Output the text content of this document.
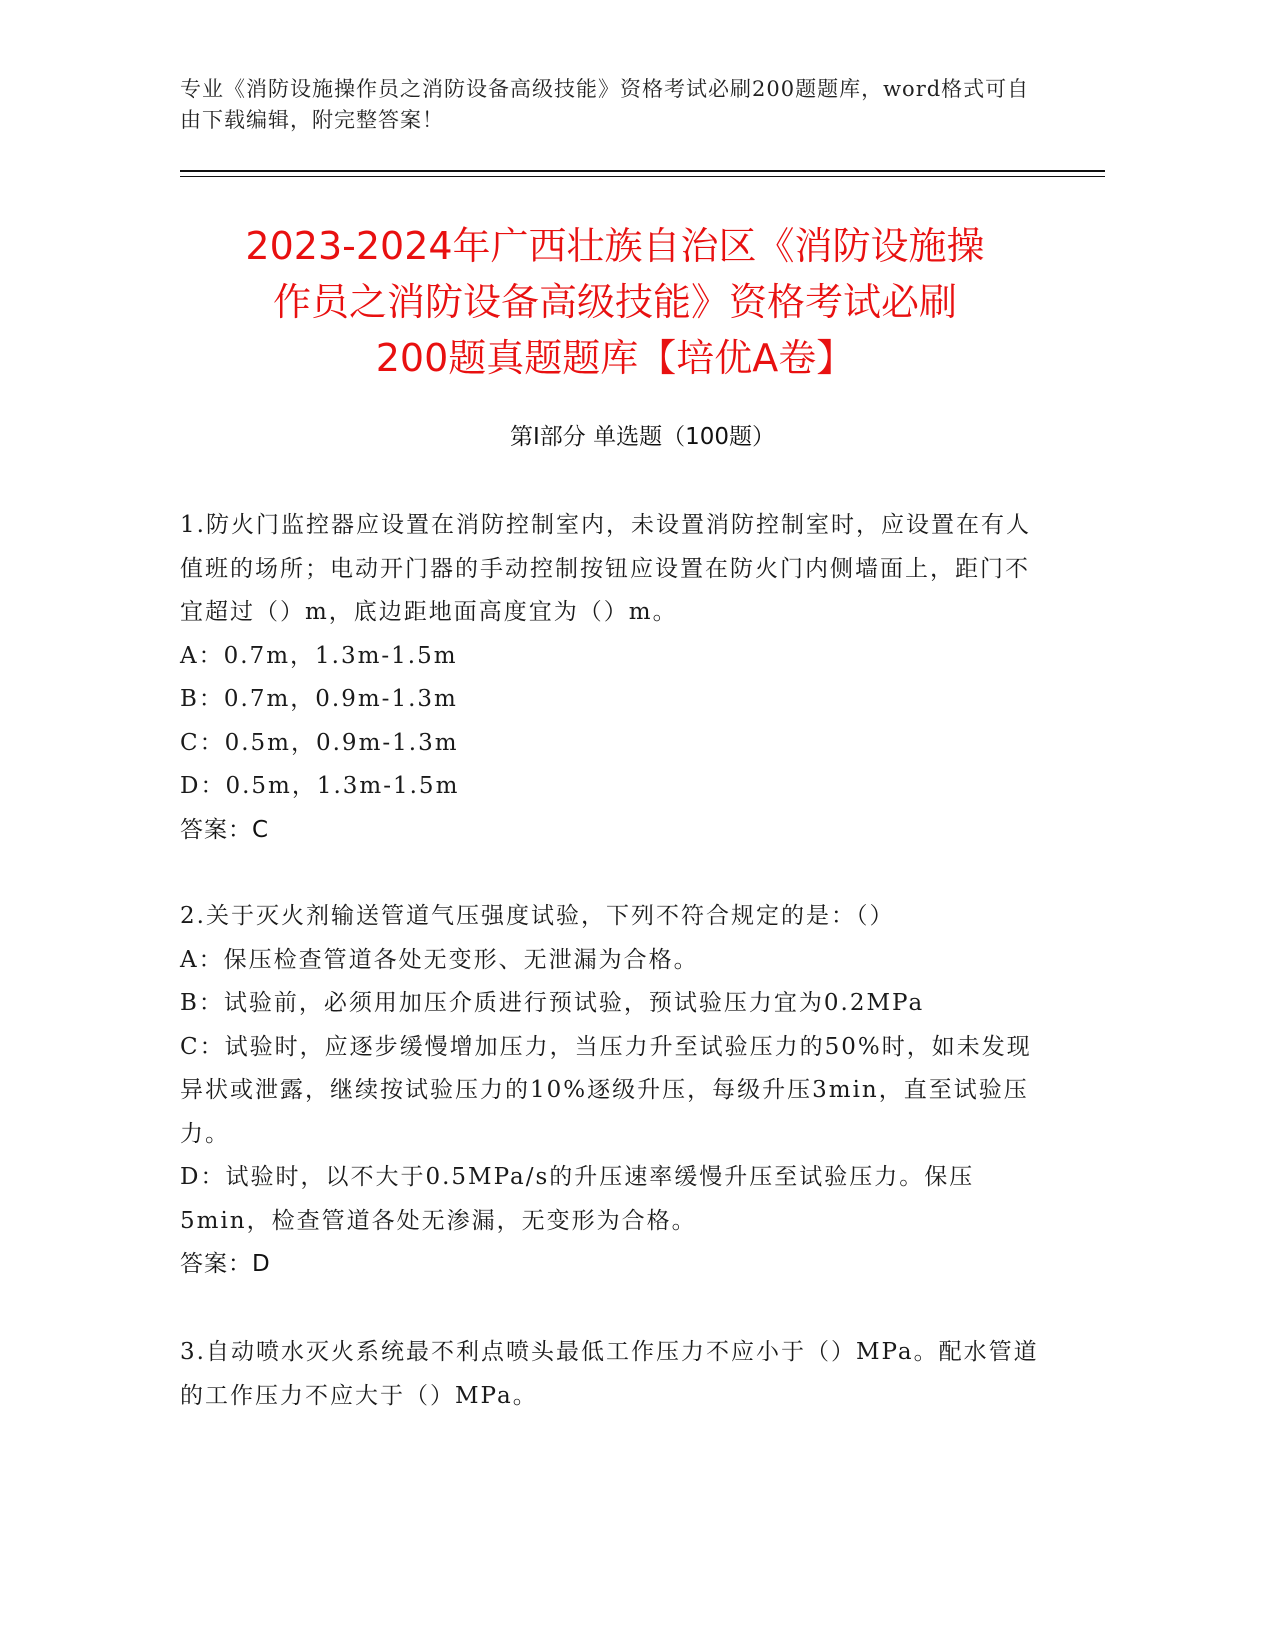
专业《消防设施操作员之消防设备高级技能》资格考试必刷200题题库，word格式可自由下载编辑，附完整答案！
2023-2024年广西壮族自治区《消防设施操
作员之消防设备高级技能》资格考试必刷
200题真题题库【培优A卷】
第Ⅰ部分 单选题（100题）
1.防火门监控器应设置在消防控制室内，未设置消防控制室时，应设置在有人值班的场所；电动开门器的手动控制按钮应设置在防火门内侧墙面上，距门不宜超过（）m，底边距地面高度宜为（）m。
A：0.7m，1.3m-1.5m
B：0.7m，0.9m-1.3m
C：0.5m，0.9m-1.3m
D：0.5m，1.3m-1.5m
答案：C
2.关于灭火剂输送管道气压强度试验，下列不符合规定的是：（）
A：保压检查管道各处无变形、无泄漏为合格。
B：试验前，必须用加压介质进行预试验，预试验压力宜为0.2MPa
C：试验时，应逐步缓慢增加压力，当压力升至试验压力的50%时，如未发现异状或泄露，继续按试验压力的10%逐级升压，每级升压3min，直至试验压力。
D：试验时，以不大于0.5MPa/s的升压速率缓慢升压至试验压力。保压5min，检查管道各处无渗漏，无变形为合格。
答案：D
3.自动喷水灭火系统最不利点喷头最低工作压力不应小于（）MPa。配水管道的工作压力不应大于（）MPa。
